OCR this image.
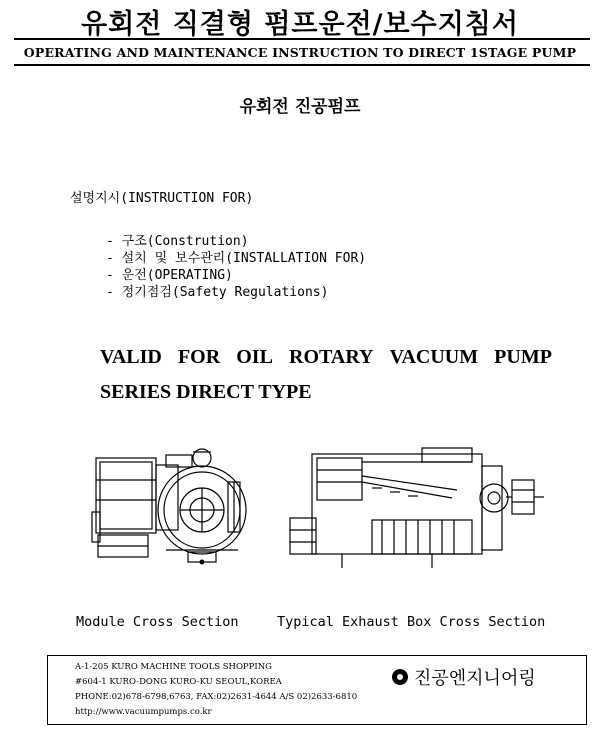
유회전 직결형 펌프운전/보수지침서
OPERATING AND MAINTENANCE INSTRUCTION TO DIRECT 1STAGE PUMP
유회전 진공펌프
설명지시(INSTRUCTION FOR)
- 구조(Constrution)
- 설치 및 보수관리(INSTALLATION FOR)
- 운전(OPERATING)
- 정기점검(Safety Regulations)
VALID FOR OIL ROTARY VACUUM PUMP
SERIES DIRECT TYPE
Module Cross Section	Typical Exhaust Box Cross Section
A-1-205 KURO MACHINE TOOLS SHOPPING
#604-1 KURO-DONG KURO-KU SEOUL,KOREA
PHONE:02)678-6798,6763, FAX:02)2631-4644 A/S 02)2633-6810
http://www.vacuumpumps.co.kr
진공엔지니어링
